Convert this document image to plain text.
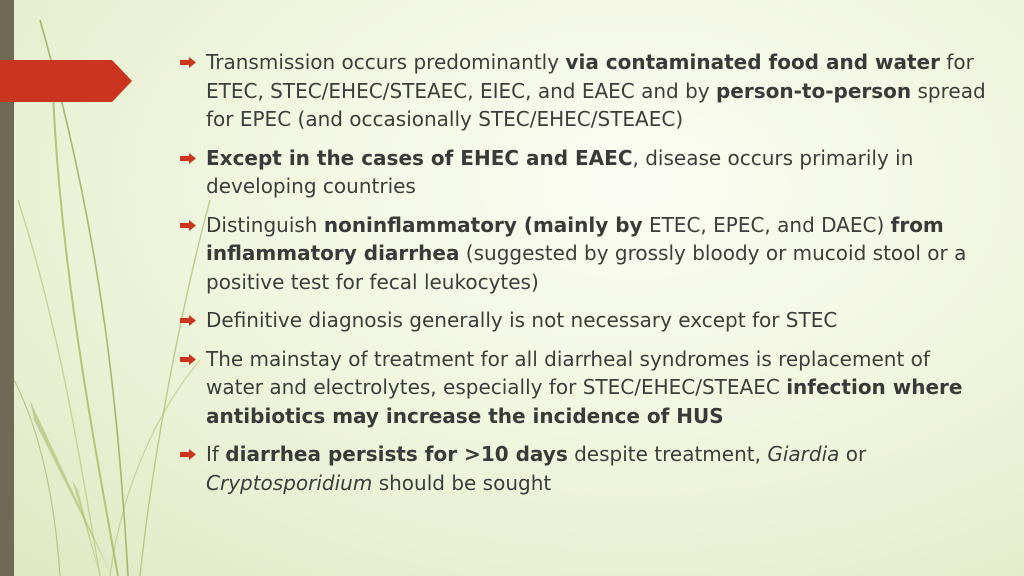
Transmission occurs predominantly via contaminated food and water for ETEC, STEC/EHEC/STEAEC, EIEC, and EAEC and by person-to-person spread for EPEC (and occasionally STEC/EHEC/STEAEC)
Except in the cases of EHEC and EAEC, disease occurs primarily in developing countries
Distinguish noninflammatory (mainly by ETEC, EPEC, and DAEC) from inflammatory diarrhea (suggested by grossly bloody or mucoid stool or a positive test for fecal leukocytes)
Definitive diagnosis generally is not necessary except for STEC
The mainstay of treatment for all diarrheal syndromes is replacement of water and electrolytes, especially for STEC/EHEC/STEAEC infection where antibiotics may increase the incidence of HUS
If diarrhea persists for >10 days despite treatment, Giardia or Cryptosporidium should be sought
